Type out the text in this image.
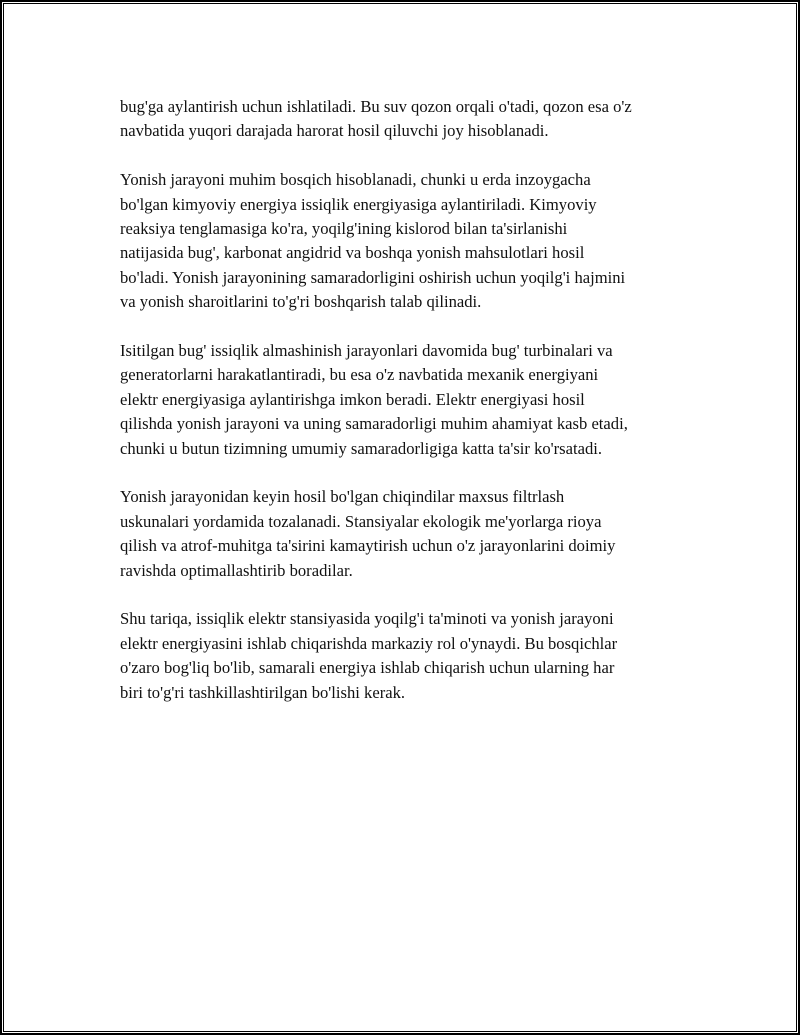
bug'ga aylantirish uchun ishlatiladi. Bu suv qozon orqali o'tadi, qozon esa o'z
navbatida yuqori darajada harorat hosil qiluvchi joy hisoblanadi.

Yonish jarayoni muhim bosqich hisoblanadi, chunki u erda inzoygacha
bo'lgan kimyoviy energiya issiqlik energiyasiga aylantiriladi. Kimyoviy
reaksiya tenglamasiga ko'ra, yoqilg'ining kislorod bilan ta'sirlanishi
natijasida bug', karbonat angidrid va boshqa yonish mahsulotlari hosil
bo'ladi. Yonish jarayonining samaradorligini oshirish uchun yoqilg'i hajmini
va yonish sharoitlarini to'g'ri boshqarish talab qilinadi.

Isitilgan bug' issiqlik almashinish jarayonlari davomida bug' turbinalari va
generatorlarni harakatlantiradi, bu esa o'z navbatida mexanik energiyani
elektr energiyasiga aylantirishga imkon beradi. Elektr energiyasi hosil
qilishda yonish jarayoni va uning samaradorligi muhim ahamiyat kasb etadi,
chunki u butun tizimning umumiy samaradorligiga katta ta'sir ko'rsatadi.

Yonish jarayonidan keyin hosil bo'lgan chiqindilar maxsus filtrlash
uskunalari yordamida tozalanadi. Stansiyalar ekologik me'yorlarga rioya
qilish va atrof-muhitga ta'sirini kamaytirish uchun o'z jarayonlarini doimiy
ravishda optimallashtirib boradilar.

Shu tariqa, issiqlik elektr stansiyasida yoqilg'i ta'minoti va yonish jarayoni
elektr energiyasini ishlab chiqarishda markaziy rol o'ynaydi. Bu bosqichlar
o'zaro bog'liq bo'lib, samarali energiya ishlab chiqarish uchun ularning har
biri to'g'ri tashkillashtirilgan bo'lishi kerak.
